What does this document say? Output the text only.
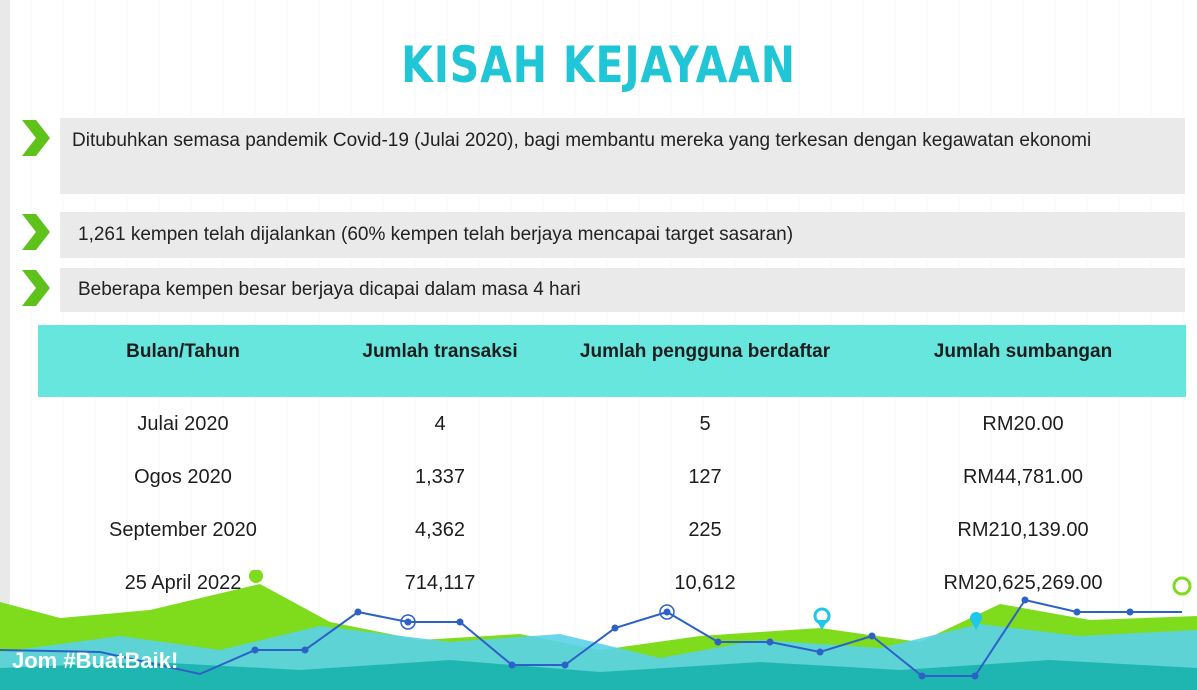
KISAH KEJAYAAN
Ditubuhkan semasa pandemik Covid-19 (Julai 2020), bagi membantu mereka yang terkesan dengan kegawatan ekonomi
1,261 kempen telah dijalankan (60% kempen telah berjaya mencapai target sasaran)
Beberapa kempen besar berjaya dicapai dalam masa 4 hari
Bulan/Tahun	Jumlah transaksi	Jumlah pengguna berdaftar	Jumlah sumbangan
Julai 2020	4	5	RM20.00
Ogos 2020	1,337	127	RM44,781.00
September 2020	4,362	225	RM210,139.00
25 April 2022	714,117	10,612	RM20,625,269.00
Jom #BuatBaik!
